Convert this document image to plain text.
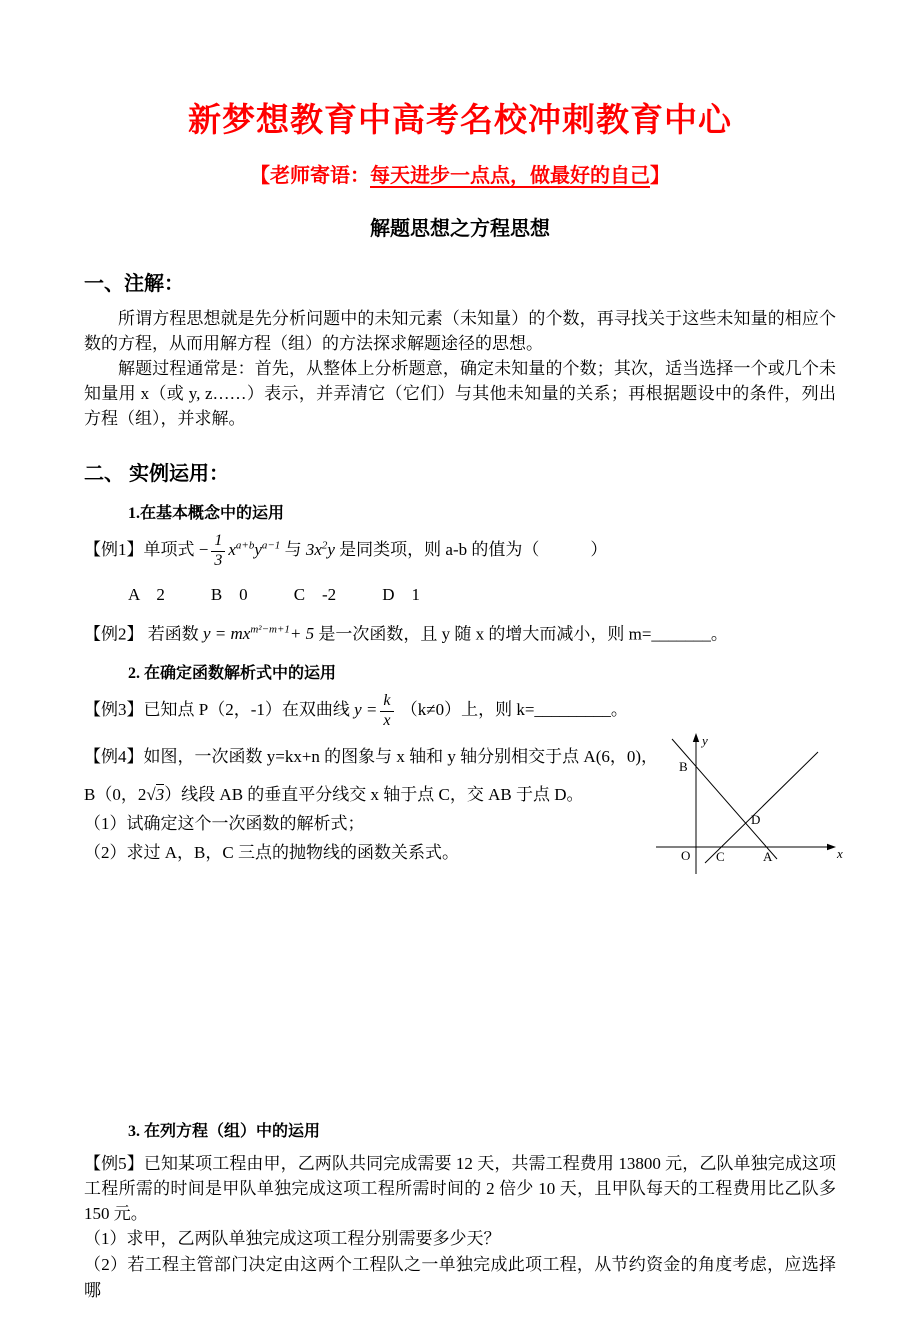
新梦想教育中高考名校冲刺教育中心
【老师寄语：每天进步一点点，做最好的自己】
解题思想之方程思想
一、注解：

所谓方程思想就是先分析问题中的未知元素（未知量）的个数，再寻找关于这些未知量的相应个数的方程，从而用解方程（组）的方法探求解题途径的思想。

解题过程通常是：首先，从整体上分析题意，确定未知量的个数；其次，适当选择一个或几个未知量用 x（或 y, z……）表示，并弄清它（它们）与其他未知量的关系；再根据题设中的条件，列出方程（组），并求解。

二、 实例运用：
1.在基本概念中的运用
【例1】单项式 − $\frac{1}{3} x^{a+b}y^{a-1}$ 与 $3x^2y$ 是同类项，则 a-b 的值为（　　　）
A　2	B　0	C　-2	D　1
【例2】 若函数 $y = mx^{m^2-m+1}+ 5$ 是一次函数，且 y 随 x 的增大而减小，则 m=_______。
2. 在确定函数解析式中的运用
【例3】已知点 P（2，-1）在双曲线 $y = \frac{k}{x} (k\ne 0)$上，则 k=_________。

【例4】如图，一次函数 y=kx+n 的图象与 x 轴和 y 轴分别相交于点 A(6，0)，

B（0，2√3）线段 AB 的垂直平分线交 x 轴于点 C，交 AB 于点 D。

（1）试确定这个一次函数的解析式；

（2）求过 A，B，C 三点的抛物线的函数关系式。

y
x
O
B
C
D
A
3. 在列方程（组）中的运用

【例5】已知某项工程由甲，乙两队共同完成需要 12 天，共需工程费用 13800 元，乙队单独完成这项工程所需的时间是甲队单独完成这项工程所需时间的 2 倍少 10 天，且甲队每天的工程费用比乙队多 150 元。

（1）求甲，乙两队单独完成这项工程分别需要多少天？

（2）若工程主管部门决定由这两个工程队之一单独完成此项工程，从节约资金的角度考虑，应选择哪
